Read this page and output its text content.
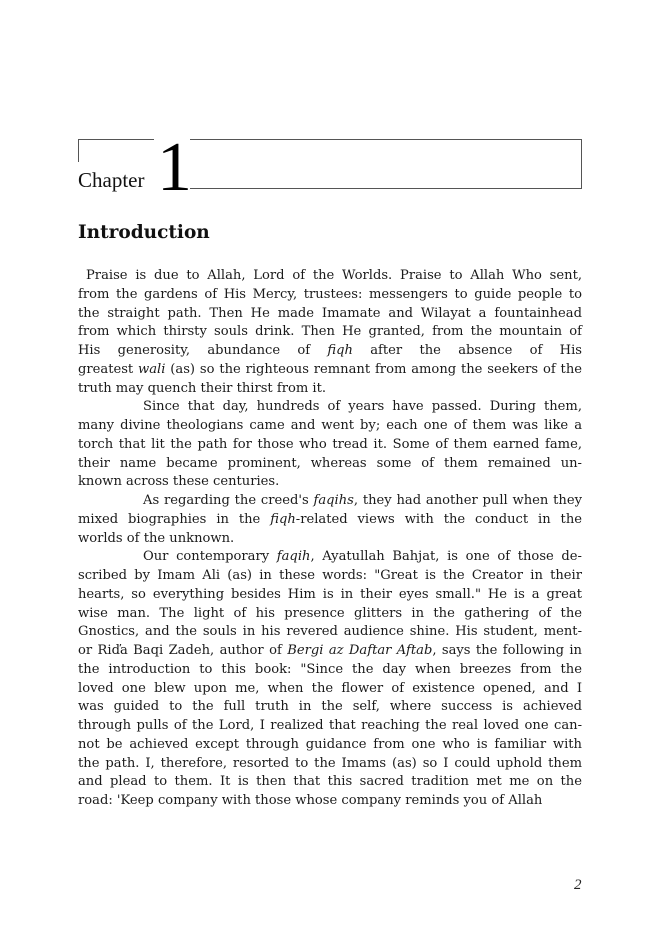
Chapter 1
Introduction

Praise is due to Allah, Lord of the Worlds. Praise to Allah Who sent,
from the gardens of His Mercy, trustees: messengers to guide people to
the straight path. Then He made Imamate and Wilayat a fountainhead
from which thirsty souls drink. Then He granted, from the mountain of
His generosity, abundance of fiqh after the absence of His
greatest wali (as) so the righteous remnant from among the seekers of the
truth may quench their thirst from it.

Since that day, hundreds of years have passed. During them,
many divine theologians came and went by; each one of them was like a
torch that lit the path for those who tread it. Some of them earned fame,
their name became prominent, whereas some of them remained un-
known across these centuries.

As regarding the creed's faqihs, they had another pull when they
mixed biographies in the fiqh-related views with the conduct in the
worlds of the unknown.

Our contemporary faqih, Ayatullah Bahjat, is one of those de-
scribed by Imam Ali (as) in these words: "Great is the Creator in their
hearts, so everything besides Him is in their eyes small." He is a great
wise man. The light of his presence glitters in the gathering of the
Gnostics, and the souls in his revered audience shine. His student, ment-
or Riďa Baqi Zadeh, author of Bergi az Daftar Aftab, says the following in
the introduction to this book: "Since the day when breezes from the
loved one blew upon me, when the flower of existence opened, and I
was guided to the full truth in the self, where success is achieved
through pulls of the Lord, I realized that reaching the real loved one can-
not be achieved except through guidance from one who is familiar with
the path. I, therefore, resorted to the Imams (as) so I could uphold them
and plead to them. It is then that this sacred tradition met me on the
road: 'Keep company with those whose company reminds you of Allah

2
